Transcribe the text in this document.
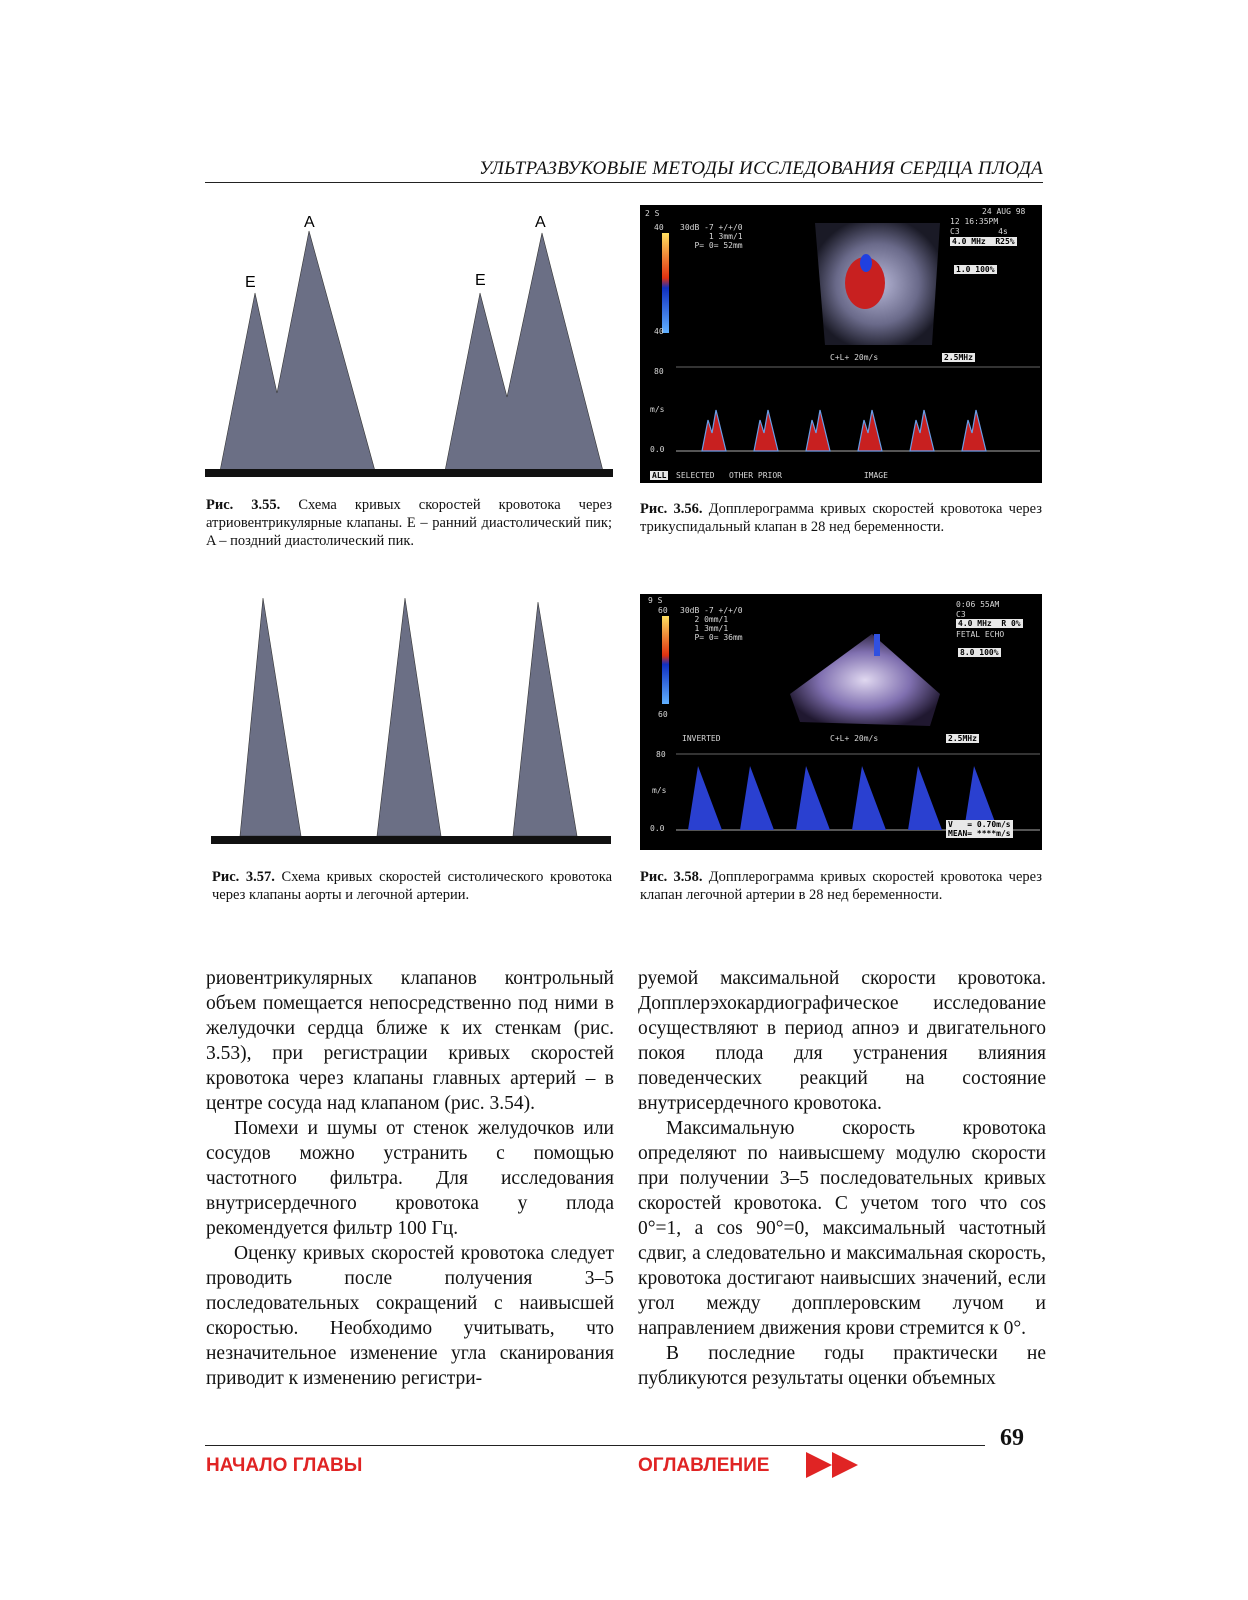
УЛЬТРАЗВУКОВЫЕ МЕТОДЫ ИССЛЕДОВАНИЯ СЕРДЦА ПЛОДА
E
A
E
A
Рис. 3.55. Схема кривых скоростей кровотока через атриовентрикулярные клапаны. E – ранний диастолический пик; A – поздний диастолический пик.
2 S
40
40
30dB -7 +/+/0
1 3mm/1
P= 0= 52mm
24 AUG 98
12 16:35PM
C3        4s
4.0 MHz  R25%
1.0 100%
C+L+ 20m/s	2.5MHz
80
m/s
0.0
ALL SELECTED   OTHER PRIOR                 IMAGE
Рис. 3.56. Допплерограмма кривых скоростей кровотока через трикуспидальный клапан в 28 нед беременности.
Рис. 3.57. Схема кривых скоростей систолического кровотока через клапаны аорты и легочной артерии.
9 S
60
60
30dB -7 +/+/0
2 0mm/1
1 3mm/1
P= 0= 36mm
0:06 55AM
C3
4.0 MHz  R 0%
FETAL ECHO
8.0 100%
INVERTED	C+L+ 20m/s	2.5MHz
80
m/s
0.0	V   = 0.70m/s
MEAN= ****m/s
Рис. 3.58. Допплерограмма кривых скоростей кровотока через клапан легочной артерии в 28 нед беременности.

риовентрикулярных клапанов контрольный объем помещается непосредственно под ними в желудочки сердца ближе к их стенкам (рис. 3.53), при регистрации кривых скоростей кровотока через клапаны главных артерий – в центре сосуда над клапаном (рис. 3.54).

Помехи и шумы от стенок желудочков или сосудов можно устранить с помощью частотного фильтра. Для исследования внутрисердечного кровотока у плода рекомендуется фильтр 100 Гц.

Оценку кривых скоростей кровотока следует проводить после получения 3–5 последовательных сокращений с наивысшей скоростью. Необходимо учитывать, что незначительное изменение угла сканирования приводит к изменению регистри-

руемой максимальной скорости кровотока. Допплерэхокардиографическое исследование осуществляют в период апноэ и двигательного покоя плода для устранения влияния поведенческих реакций на состояние внутрисердечного кровотока.

Максимальную скорость кровотока определяют по наивысшему модулю скорости при получении 3–5 последовательных кривых скоростей кровотока. С учетом того что cos 0°=1, а cos 90°=0, максимальный частотный сдвиг, а следовательно и максимальная скорость, кровотока достигают наивысших значений, если угол между допплеровским лучом и направлением движения крови стремится к 0°.

В последние годы практически не публикуются результаты оценки объемных

69
НАЧАЛО ГЛАВЫ	ОГЛАВЛЕНИЕ
